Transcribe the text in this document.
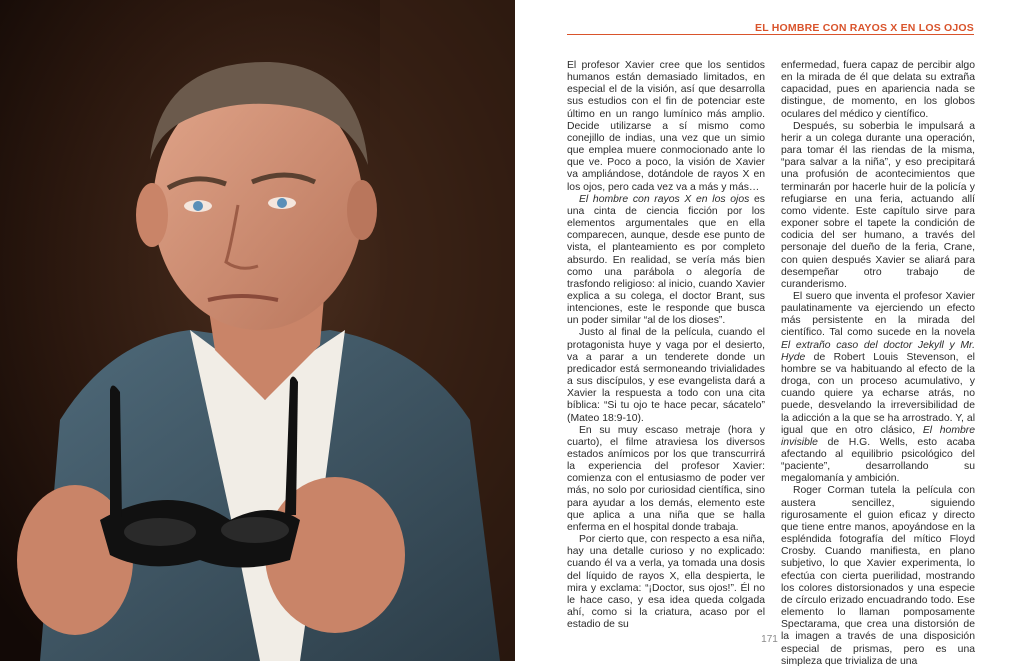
EL HOMBRE CON RAYOS X EN LOS OJOS

El profesor Xavier cree que los sentidos humanos están demasiado limitados, en especial el de la visión, así que desarrolla sus estudios con el fin de potenciar este último en un rango lumínico más amplio. Decide utilizarse a sí mismo como conejillo de indias, una vez que un simio que emplea muere conmocionado ante lo que ve. Poco a poco, la visión de Xavier va ampliándose, dotándole de rayos X en los ojos, pero cada vez va a más y más…

El hombre con rayos X en los ojos es una cinta de ciencia ficción por los elementos argumentales que en ella comparecen, aunque, desde ese punto de vista, el planteamiento es por completo absurdo. En realidad, se vería más bien como una parábola o alegoría de trasfondo religioso: al inicio, cuando Xavier explica a su colega, el doctor Brant, sus intenciones, este le responde que busca un poder similar “al de los dioses”.

Justo al final de la película, cuando el protagonista huye y vaga por el desierto, va a parar a un tenderete donde un predicador está sermoneando trivialidades a sus discípulos, y ese evangelista dará a Xavier la respuesta a todo con una cita bíblica: “Si tu ojo te hace pecar, sácatelo” (Mateo 18:9-10).

En su muy escaso metraje (hora y cuarto), el filme atraviesa los diversos estados anímicos por los que transcurrirá la experiencia del profesor Xavier: comienza con el entusiasmo de poder ver más, no solo por curiosidad científica, sino para ayudar a los demás, elemento este que aplica a una niña que se halla enferma en el hospital donde trabaja.

Por cierto que, con respecto a esa niña, hay una detalle curioso y no explicado: cuando él va a verla, ya tomada una dosis del líquido de rayos X, ella despierta, le mira y exclama: “¡Doctor, sus ojos!”. Él no le hace caso, y esa idea queda colgada ahí, como si la criatura, acaso por el estadio de su

enfermedad, fuera capaz de percibir algo en la mirada de él que delata su extraña capacidad, pues en apariencia nada se distingue, de momento, en los globos oculares del médico y científico.

Después, su soberbia le impulsará a herir a un colega durante una operación, para tomar él las riendas de la misma, “para salvar a la niña”, y eso precipitará una profusión de acontecimientos que terminarán por hacerle huir de la policía y refugiarse en una feria, actuando allí como vidente. Este capítulo sirve para exponer sobre el tapete la condición de codicia del ser humano, a través del personaje del dueño de la feria, Crane, con quien después Xavier se aliará para desempeñar otro trabajo de curanderismo.

El suero que inventa el profesor Xavier paulatinamente va ejerciendo un efecto más persistente en la mirada del científico. Tal como sucede en la novela El extraño caso del doctor Jekyll y Mr. Hyde de Robert Louis Stevenson, el hombre se va habituando al efecto de la droga, con un proceso acumulativo, y cuando quiere ya echarse atrás, no puede, desvelando la irreversibilidad de la adicción a la que se ha arrostrado. Y, al igual que en otro clásico, El hombre invisible de H.G. Wells, esto acaba afectando al equilibrio psicológico del “paciente”, desarrollando su megalomanía y ambición.

Roger Corman tutela la película con austera sencillez, siguiendo rigurosamente el guion eficaz y directo que tiene entre manos, apoyándose en la espléndida fotografía del mítico Floyd Crosby. Cuando manifiesta, en plano subjetivo, lo que Xavier experimenta, lo efectúa con cierta puerilidad, mostrando los colores distorsionados y una especie de círculo erizado encuadrando todo. Ese elemento lo llaman pomposamente Spectarama, que crea una distorsión de la imagen a través de una disposición especial de prismas, pero es una simpleza que trivializa de una

171
